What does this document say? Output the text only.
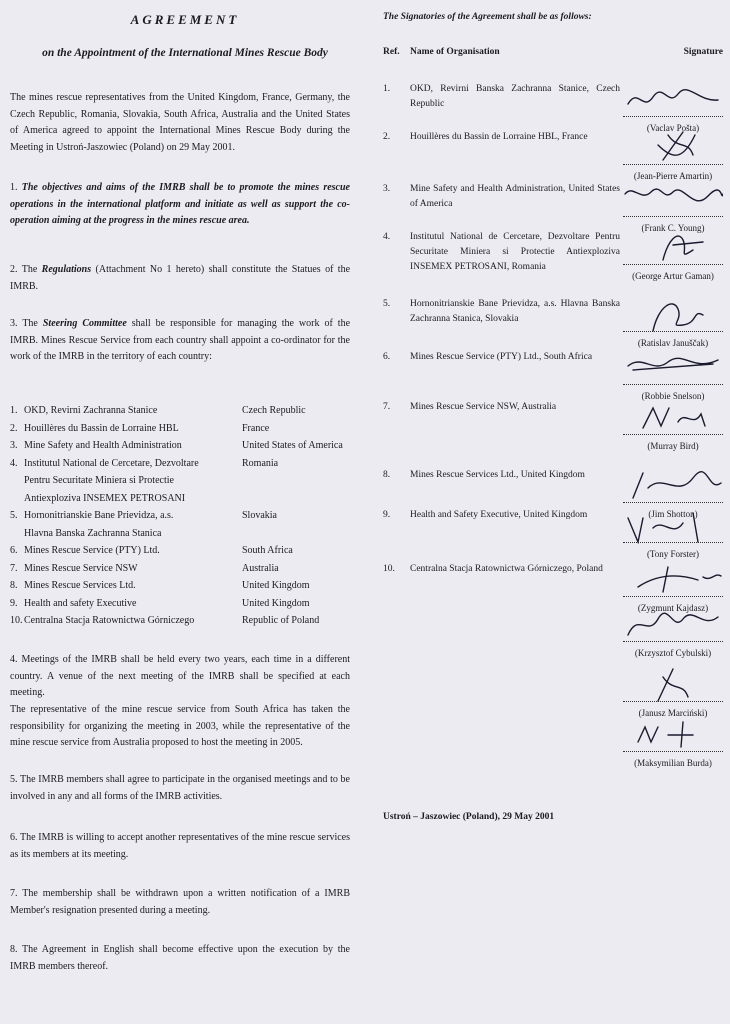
AGREEMENT
on the Appointment of the International Mines Rescue Body

The mines rescue representatives from the United Kingdom, France, Germany, the Czech Republic, Romania, Slovakia, South Africa, Australia and the United States of America agreed to appoint the International Mines Rescue Body during the Meeting in Ustroń-Jaszowiec (Poland) on 29 May 2001.

1. The objectives and aims of the IMRB shall be to promote the mines rescue operations in the international platform and initiate as well as support the co-operation aiming at the progress in the mines rescue area.

2. The Regulations (Attachment No 1 hereto) shall constitute the Statues of the IMRB.

3. The Steering Committee shall be responsible for managing the work of the IMRB. Mines Rescue Service from each country shall appoint a co-ordinator for the work of the IMRB in the territory of each country:

1. OKD, Revirni Zachranna Stanice	Czech Republic
2. Houillères du Bassin de Lorraine HBL	France
3. Mine Safety and Health Administration	United States of America
4. Institutul National de Cercetare, Dezvoltare	Romania
Pentru Securitate Miniera si Protectie
Antiexploziva INSEMEX PETROSANI
5. Hornonitrianskie Bane Prievidza, a.s.	Slovakia
Hlavna Banska Zachranna Stanica
6. Mines Rescue Service (PTY) Ltd.	South Africa
7. Mines Rescue Service NSW	Australia
8. Mines Rescue Services Ltd.	United Kingdom
9. Health and safety Executive	United Kingdom
10. Centralna Stacja Ratownictwa Górniczego	Republic of Poland

4. Meetings of the IMRB shall be held every two years, each time in a different country. A venue of the next meeting of the IMRB shall be specified at each meeting.

The representative of the mine rescue service from South Africa has taken the responsibility for organizing the meeting in 2003, while the representative of the mine rescue service from Australia proposed to host the meeting in 2005.

5. The IMRB members shall agree to participate in the organised meetings and to be involved in any and all forms of the IMRB activities.

6. The IMRB is willing to accept another representatives of the mine rescue services as its members at its meeting.

7. The membership shall be withdrawn upon a written notification of a IMRB Member's resignation presented during a meeting.

8. The Agreement in English shall become effective upon the execution by the IMRB members thereof.

The Signatories of the Agreement shall be as follows:

Ref.	Name of Organisation	Signature
1.	OKD, Revirni Banska Zachranna Stanice, Czech Republic
(Vaclav Pošta)
2.	Houillères du Bassin de Lorraine HBL, France
(Jean-Pierre Amartin)
3.	Mine Safety and Health Administration, United States of America
(Frank C. Young)
4.	Institutul National de Cercetare, Dezvoltare Pentru Securitate Miniera si Protectie Antiexploziva INSEMEX PETROSANI, Romania
(George Artur Gaman)
5.	Hornonitrianskie Bane Prievidza, a.s. Hlavna Banska Zachranna Stanica, Slovakia
(Ratislav Januščak)
6.	Mines Rescue Service (PTY) Ltd., South Africa
(Robbie Snelson)
7.	Mines Rescue Service NSW, Australia
(Murray Bird)
8.	Mines Rescue Services Ltd., United Kingdom
(Jim Shotton)
9.	Health and Safety Executive, United Kingdom
(Tony Forster)
10.	Centralna Stacja Ratownictwa Górniczego, Poland
(Zygmunt Kajdasz)
(Krzysztof Cybulski)
(Janusz Marciński)
(Maksymilian Burda)
Ustroń – Jaszowiec (Poland), 29 May 2001
